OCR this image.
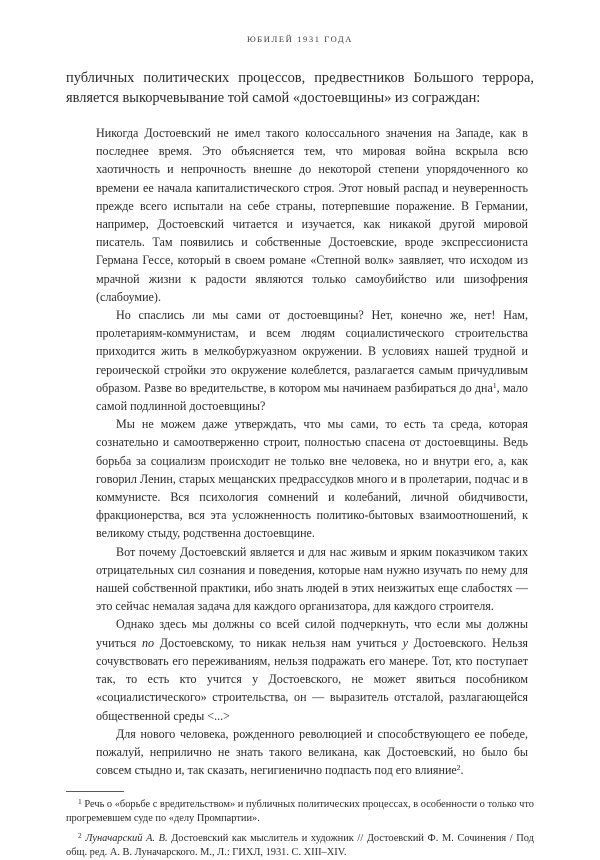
ЮБИЛЕЙ 1931 ГОДА

публичных политических процессов, предвестников Большого террора, является выкорчевывание той самой «достоевщины» из сограждан:

Никогда Достоевский не имел такого колоссального значения на Западе, как в последнее время. Это объясняется тем, что мировая война вскрыла всю хаотичность и непрочность внешне до некоторой степени упорядоченного ко времени ее начала капиталистического строя. Этот новый распад и неуверенность прежде всего испытали на себе страны, потерпевшие поражение. В Германии, например, Достоевский читается и изучается, как никакой другой мировой писатель. Там появились и собственные Достоевские, вроде экспрессиониста Германа Гессе, который в своем романе «Степной волк» заявляет, что исходом из мрачной жизни к радости являются только самоубийство или шизофрения (слабоумие).

Но спаслись ли мы сами от достоевщины? Нет, конечно же, нет! Нам, пролетариям-коммунистам, и всем людям социалистического строительства приходится жить в мелкобуржуазном окружении. В условиях нашей трудной и героической стройки это окружение колеблется, разлагается самым причудливым образом. Разве во вредительстве, в котором мы начинаем разбираться до дна$^1$, мало самой подлинной достоевщины?

Мы не можем даже утверждать, что мы сами, то есть та среда, которая сознательно и самоотверженно строит, полностью спасена от достоевщины. Ведь борьба за социализм происходит не только вне человека, но и внутри его, а, как говорил Ленин, старых мещанских предрассудков много и в пролетарии, подчас и в коммунисте. Вся психология сомнений и колебаний, личной обидчивости, фракционерства, вся эта усложненность политико-бытовых взаимоотношений, к великому стыду, родственна достоевщине.

Вот почему Достоевский является и для нас живым и ярким показчиком таких отрицательных сил сознания и поведения, которые нам нужно изучать по нему для нашей собственной практики, ибо знать людей в этих неизжитых еще слабостях — это сейчас немалая задача для каждого организатора, для каждого строителя.

Однако здесь мы должны со всей силой подчеркнуть, что если мы должны учиться по Достоевскому, то никак нельзя нам учиться у Достоевского. Нельзя сочувствовать его переживаниям, нельзя подражать его манере. Тот, кто поступает так, то есть кто учится у Достоевского, не может явиться пособником «социалистического» строительства, он — выразитель отсталой, разлагающейся общественной среды <...>

Для нового человека, рожденного революцией и способствующего ее победе, пожалуй, неприлично не знать такого великана, как Достоевский, но было бы совсем стыдно и, так сказать, негигиенично подпасть под его влияние$^2$.

$^1$ Речь о «борьбе с вредительством» и публичных политических процессах, в особенности о только что прогремевшем суде по «делу Промпартии».

$^2$ Луначарский А. В. Достоевский как мыслитель и художник // Достоевский Ф. М. Сочинения / Под общ. ред. А. В. Луначарского. М., Л.: ГИХЛ, 1931. С. XIII–XIV.
